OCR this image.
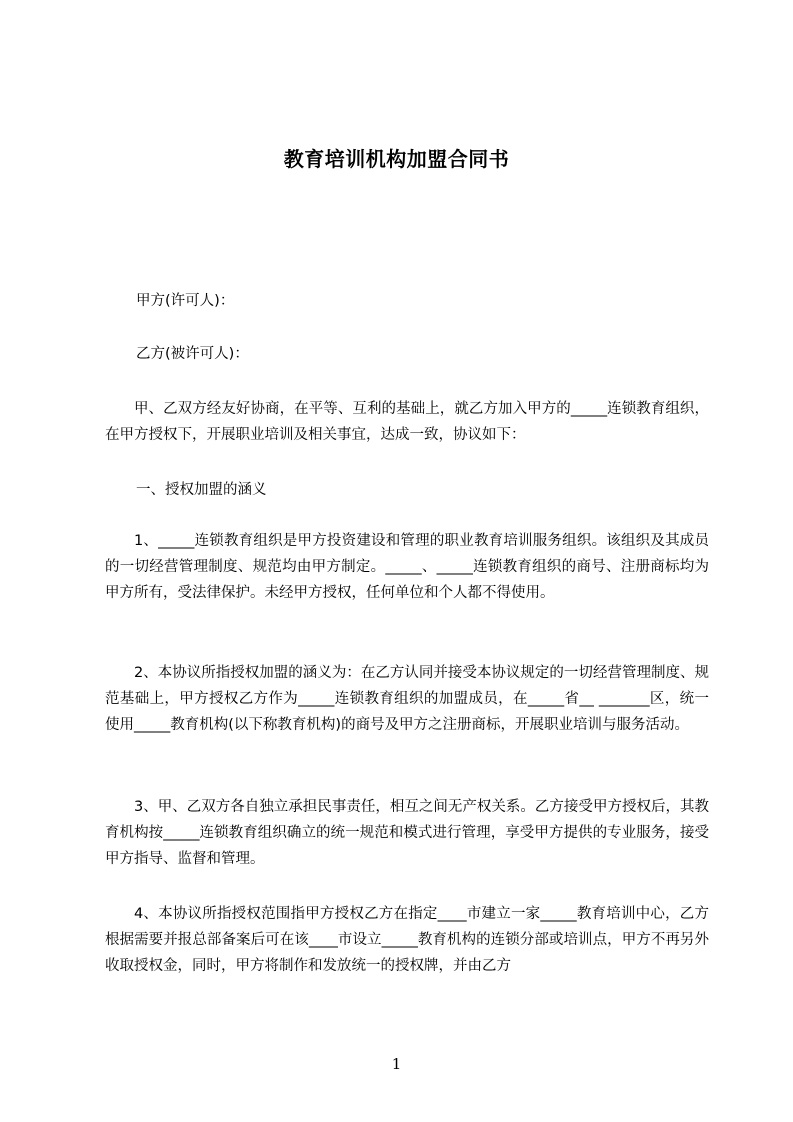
教育培训机构加盟合同书
甲方(许可人)：
乙方(被许可人)：

甲、乙双方经友好协商，在平等、互利的基础上，就乙方加入甲方的_____连锁教育组织，在甲方授权下，开展职业培训及相关事宜，达成一致，协议如下：

一、授权加盟的涵义

1、_____连锁教育组织是甲方投资建设和管理的职业教育培训服务组织。该组织及其成员的一切经营管理制度、规范均由甲方制定。_____、_____连锁教育组织的商号、注册商标均为甲方所有，受法律保护。未经甲方授权，任何单位和个人都不得使用。

2、本协议所指授权加盟的涵义为：在乙方认同并接受本协议规定的一切经营管理制度、规范基础上，甲方授权乙方作为_____连锁教育组织的加盟成员，在_____省__ _______区，统一使用_____教育机构(以下称教育机构)的商号及甲方之注册商标，开展职业培训与服务活动。

3、甲、乙双方各自独立承担民事责任，相互之间无产权关系。乙方接受甲方授权后，其教育机构按_____连锁教育组织确立的统一规范和模式进行管理，享受甲方提供的专业服务，接受甲方指导、监督和管理。

4、本协议所指授权范围指甲方授权乙方在指定____市建立一家_____教育培训中心，乙方根据需要并报总部备案后可在该____市设立_____教育机构的连锁分部或培训点，甲方不再另外收取授权金，同时，甲方将制作和发放统一的授权牌，并由乙方

1
